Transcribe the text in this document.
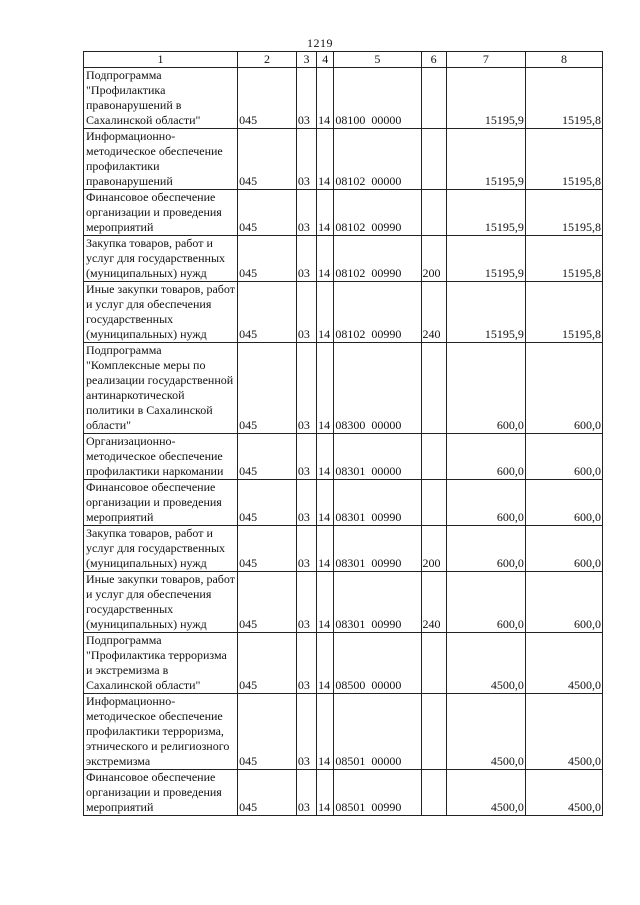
1219
1	2	3	4	5	6	7	8
Подпрограмма "Профилактика правонарушений в Сахалинской области"	045	03	14	08100  00000		15195,9	15195,8
Информационно-методическое обеспечение профилактики правонарушений	045	03	14	08102  00000		15195,9	15195,8
Финансовое обеспечение организации и проведения мероприятий	045	03	14	08102  00990		15195,9	15195,8
Закупка товаров, работ и услуг для государственных (муниципальных) нужд	045	03	14	08102  00990	200	15195,9	15195,8
Иные закупки товаров, работ и услуг для обеспечения государственных (муниципальных) нужд	045	03	14	08102  00990	240	15195,9	15195,8
Подпрограмма "Комплексные меры по реализации государственной антинаркотической политики в Сахалинской области"	045	03	14	08300  00000		600,0	600,0
Организационно-методическое обеспечение профилактики наркомании	045	03	14	08301  00000		600,0	600,0
Финансовое обеспечение организации и проведения мероприятий	045	03	14	08301  00990		600,0	600,0
Закупка товаров, работ и услуг для государственных (муниципальных) нужд	045	03	14	08301  00990	200	600,0	600,0
Иные закупки товаров, работ и услуг для обеспечения государственных (муниципальных) нужд	045	03	14	08301  00990	240	600,0	600,0
Подпрограмма "Профилактика терроризма и экстремизма в Сахалинской области"	045	03	14	08500  00000		4500,0	4500,0
Информационно-методическое обеспечение профилактики терроризма, этнического и религиозного экстремизма	045	03	14	08501  00000		4500,0	4500,0
Финансовое обеспечение организации и проведения мероприятий	045	03	14	08501  00990		4500,0	4500,0
